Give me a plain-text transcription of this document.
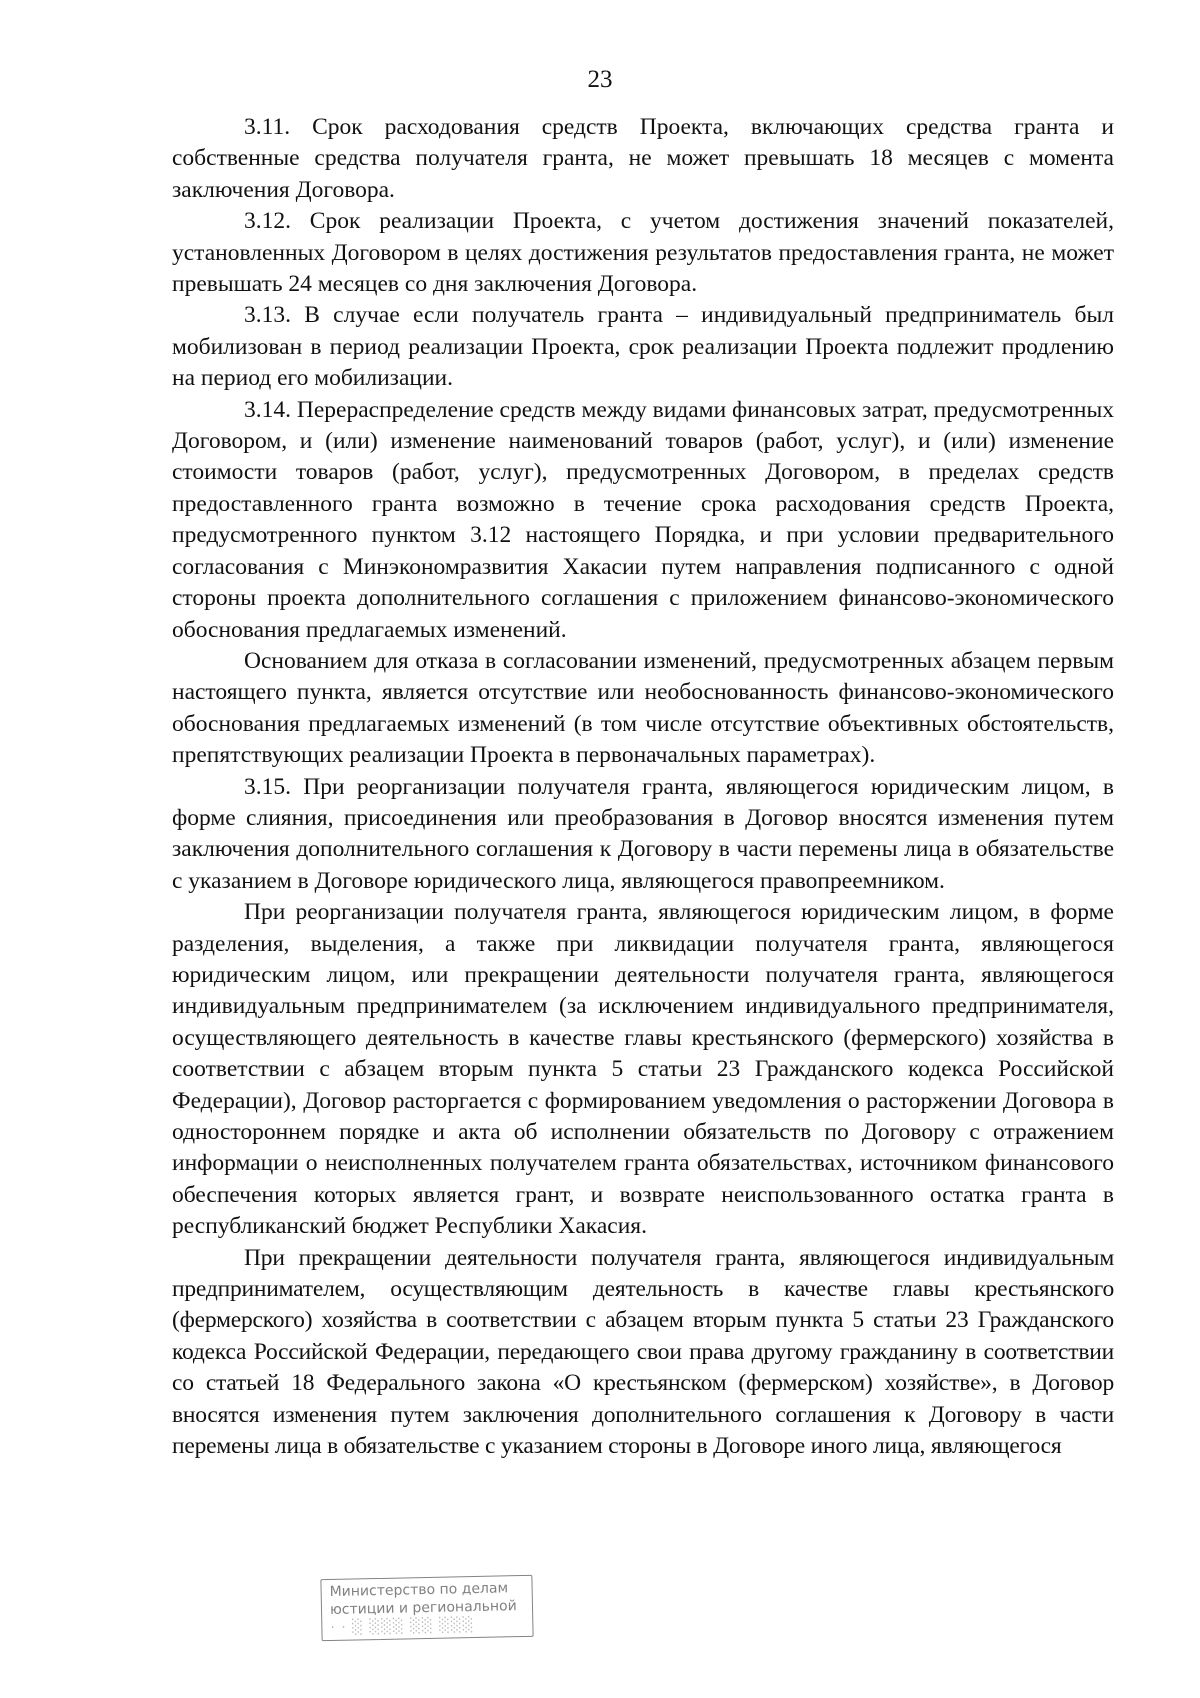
23

3.11. Срок расходования средств Проекта, включающих средства гранта и собственные средства получателя гранта, не может превышать 18 месяцев с момента заключения Договора.

3.12. Срок реализации Проекта, с учетом достижения значений показателей, установленных Договором в целях достижения результатов предоставления гранта, не может превышать 24 месяцев со дня заключения Договора.

3.13. В случае если получатель гранта – индивидуальный предприниматель был мобилизован в период реализации Проекта, срок реализации Проекта подлежит продлению на период его мобилизации.

3.14. Перераспределение средств между видами финансовых затрат, предусмотренных Договором, и (или) изменение наименований товаров (работ, услуг), и (или) изменение стоимости товаров (работ, услуг), предусмотренных Договором, в пределах средств предоставленного гранта возможно в течение срока расходования средств Проекта, предусмотренного пунктом 3.12 настоящего Порядка, и при условии предварительного согласования с Минэкономразвития Хакасии путем направления подписанного с одной стороны проекта дополнительного соглашения с приложением финансово-экономического обоснования предлагаемых изменений.

Основанием для отказа в согласовании изменений, предусмотренных абзацем первым настоящего пункта, является отсутствие или необоснованность финансово-экономического обоснования предлагаемых изменений (в том числе отсутствие объективных обстоятельств, препятствующих реализации Проекта в первоначальных параметрах).

3.15. При реорганизации получателя гранта, являющегося юридическим лицом, в форме слияния, присоединения или преобразования в Договор вносятся изменения путем заключения дополнительного соглашения к Договору в части перемены лица в обязательстве с указанием в Договоре юридического лица, являющегося правопреемником.

При реорганизации получателя гранта, являющегося юридическим лицом, в форме разделения, выделения, а также при ликвидации получателя гранта, являющегося юридическим лицом, или прекращении деятельности получателя гранта, являющегося индивидуальным предпринимателем (за исключением индивидуального предпринимателя, осуществляющего деятельность в качестве главы крестьянского (фермерского) хозяйства в соответствии с абзацем вторым пункта 5 статьи 23 Гражданского кодекса Российской Федерации), Договор расторгается с формированием уведомления о расторжении Договора в одностороннем порядке и акта об исполнении обязательств по Договору с отражением информации о неисполненных получателем гранта обязательствах, источником финансового обеспечения которых является грант, и возврате неиспользованного остатка гранта в республиканский бюджет Республики Хакасия.

При прекращении деятельности получателя гранта, являющегося индивидуальным предпринимателем, осуществляющим деятельность в качестве главы крестьянского (фермерского) хозяйства в соответствии с абзацем вторым пункта 5 статьи 23 Гражданского кодекса Российской Федерации, передающего свои права другому гражданину в соответствии со статьей 18 Федерального закона «О крестьянском (фермерском) хозяйстве», в Договор вносятся изменения путем заключения дополнительного соглашения к Договору в части перемены лица в обязательстве с указанием стороны в Договоре иного лица, являющегося

Министерство по делам
юстиции и региональной
· · ░ ░░░ ░░ ░░░
